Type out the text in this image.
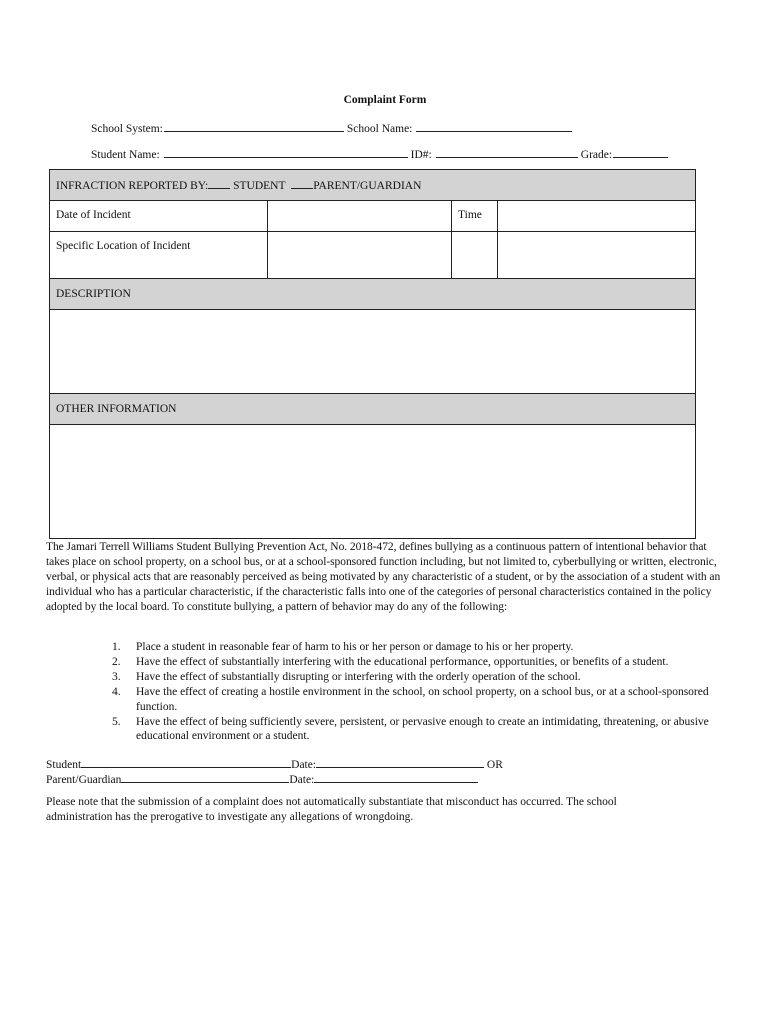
Complaint Form
School System:	School Name:
Student Name:	ID#:	Grade:
INFRACTION REPORTED BY: STUDENT PARENT/GUARDIAN			
Date of Incident		Time	
Specific Location of Incident			
DESCRIPTION			

OTHER INFORMATION			

The Jamari Terrell Williams Student Bullying Prevention Act, No. 2018-472, defines bullying as a continuous pattern of intentional behavior that takes place on school property, on a school bus, or at a school-sponsored function including, but not limited to, cyberbullying or written, electronic, verbal, or physical acts that are reasonably perceived as being motivated by any characteristic of a student, or by the association of a student with an individual who has a particular characteristic, if the characteristic falls into one of the categories of personal characteristics contained in the policy adopted by the local board. To constitute bullying, a pattern of behavior may do any of the following:
1. Place a student in reasonable fear of harm to his or her person or damage to his or her property.
2. Have the effect of substantially interfering with the educational performance, opportunities, or benefits of a student.
3. Have the effect of substantially disrupting or interfering with the orderly operation of the school.
4. Have the effect of creating a hostile environment in the school, on school property, on a school bus, or at a school-sponsored function.
5. Have the effect of being sufficiently severe, persistent, or pervasive enough to create an intimidating, threatening, or abusive educational environment or a student.
Student	Date:	OR
Parent/Guardian	Date:
Please note that the submission of a complaint does not automatically substantiate that misconduct has occurred. The school administration has the prerogative to investigate any allegations of wrongdoing.
